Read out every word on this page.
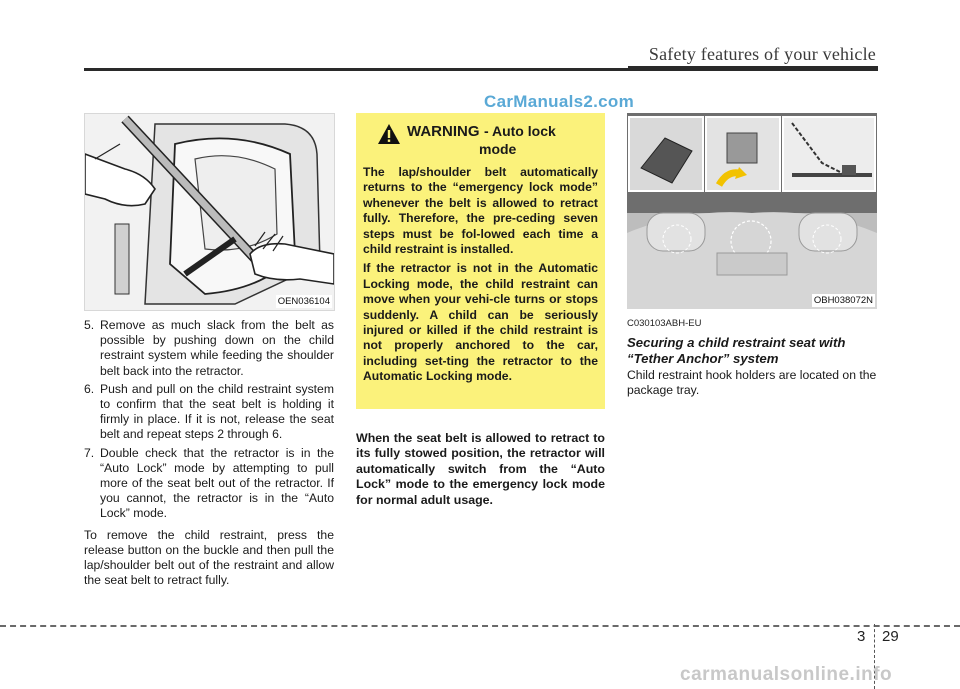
Safety features of your vehicle
CarManuals2.com
OEN036104
5. Remove as much slack from the belt as possible by pushing down on the child restraint system while feeding the shoulder belt back into the retractor.
6. Push and pull on the child restraint system to confirm that the seat belt is holding it firmly in place. If it is not, release the seat belt and repeat steps 2 through 6.
7. Double check that the retractor is in the “Auto Lock” mode by attempting to pull more of the seat belt out of the retractor. If you cannot, the retractor is in the “Auto Lock” mode.

To remove the child restraint, press the release button on the buckle and then pull the lap/shoulder belt out of the restraint and allow the seat belt to retract fully.

WARNING - Auto lock
mode

The lap/shoulder belt automatically returns to the “emergency lock mode” whenever the belt is allowed to retract fully. Therefore, the pre-ceding seven steps must be fol-lowed each time a child restraint is installed.

If the retractor is not in the Automatic Locking mode, the child restraint can move when your vehi-cle turns or stops suddenly. A child can be seriously injured or killed if the child restraint is not properly anchored to the car, including set-ting the retractor to the Automatic Locking mode.

When the seat belt is allowed to retract to its fully stowed position, the retractor will automatically switch from the “Auto Lock” mode to the emergency lock mode for normal adult usage.
OBH038072N

C030103ABH-EU

Securing a child restraint seat with “Tether Anchor” system

Child restraint hook holders are located on the package tray.

3 29
carmanualsonline.info
